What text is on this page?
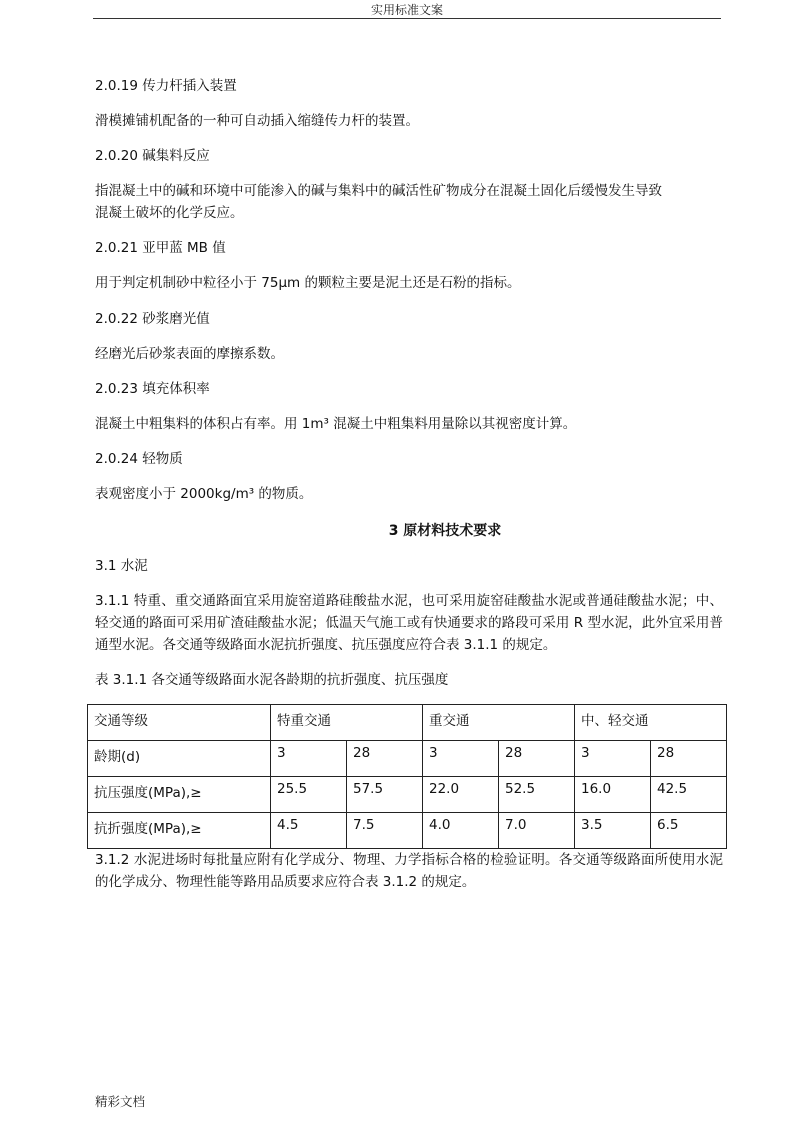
实用标准文案
2.0.19 传力杆插入装置
滑模摊铺机配备的一种可自动插入缩缝传力杆的装置。
2.0.20 碱集料反应
指混凝土中的碱和环境中可能渗入的碱与集料中的碱活性矿物成分在混凝土固化后缓慢发生导致
混凝土破坏的化学反应。
2.0.21 亚甲蓝 MB 值
用于判定机制砂中粒径小于 75μm 的颗粒主要是泥土还是石粉的指标。
2.0.22 砂浆磨光值
经磨光后砂浆表面的摩擦系数。
2.0.23 填充体积率
混凝土中粗集料的体积占有率。用 1m³ 混凝土中粗集料用量除以其视密度计算。
2.0.24 轻物质
表观密度小于 2000kg/m³ 的物质。
3 原材料技术要求
3.1 水泥
3.1.1 特重、重交通路面宜采用旋窑道路硅酸盐水泥，也可采用旋窑硅酸盐水泥或普通硅酸盐水泥；中、轻交通的路面可采用矿渣硅酸盐水泥；低温天气施工或有快通要求的路段可采用 R 型水泥，此外宜采用普通型水泥。各交通等级路面水泥抗折强度、抗压强度应符合表 3.1.1 的规定。
表 3.1.1 各交通等级路面水泥各龄期的抗折强度、抗压强度
交通等级	特重交通		重交通		中、轻交通	
龄期(d)	3	28	3	28	3	28
抗压强度(MPa),≥	25.5	57.5	22.0	52.5	16.0	42.5
抗折强度(MPa),≥	4.5	7.5	4.0	7.0	3.5	6.5
3.1.2 水泥进场时每批量应附有化学成分、物理、力学指标合格的检验证明。各交通等级路面所使用水泥的化学成分、物理性能等路用品质要求应符合表 3.1.2 的规定。
精彩文档
